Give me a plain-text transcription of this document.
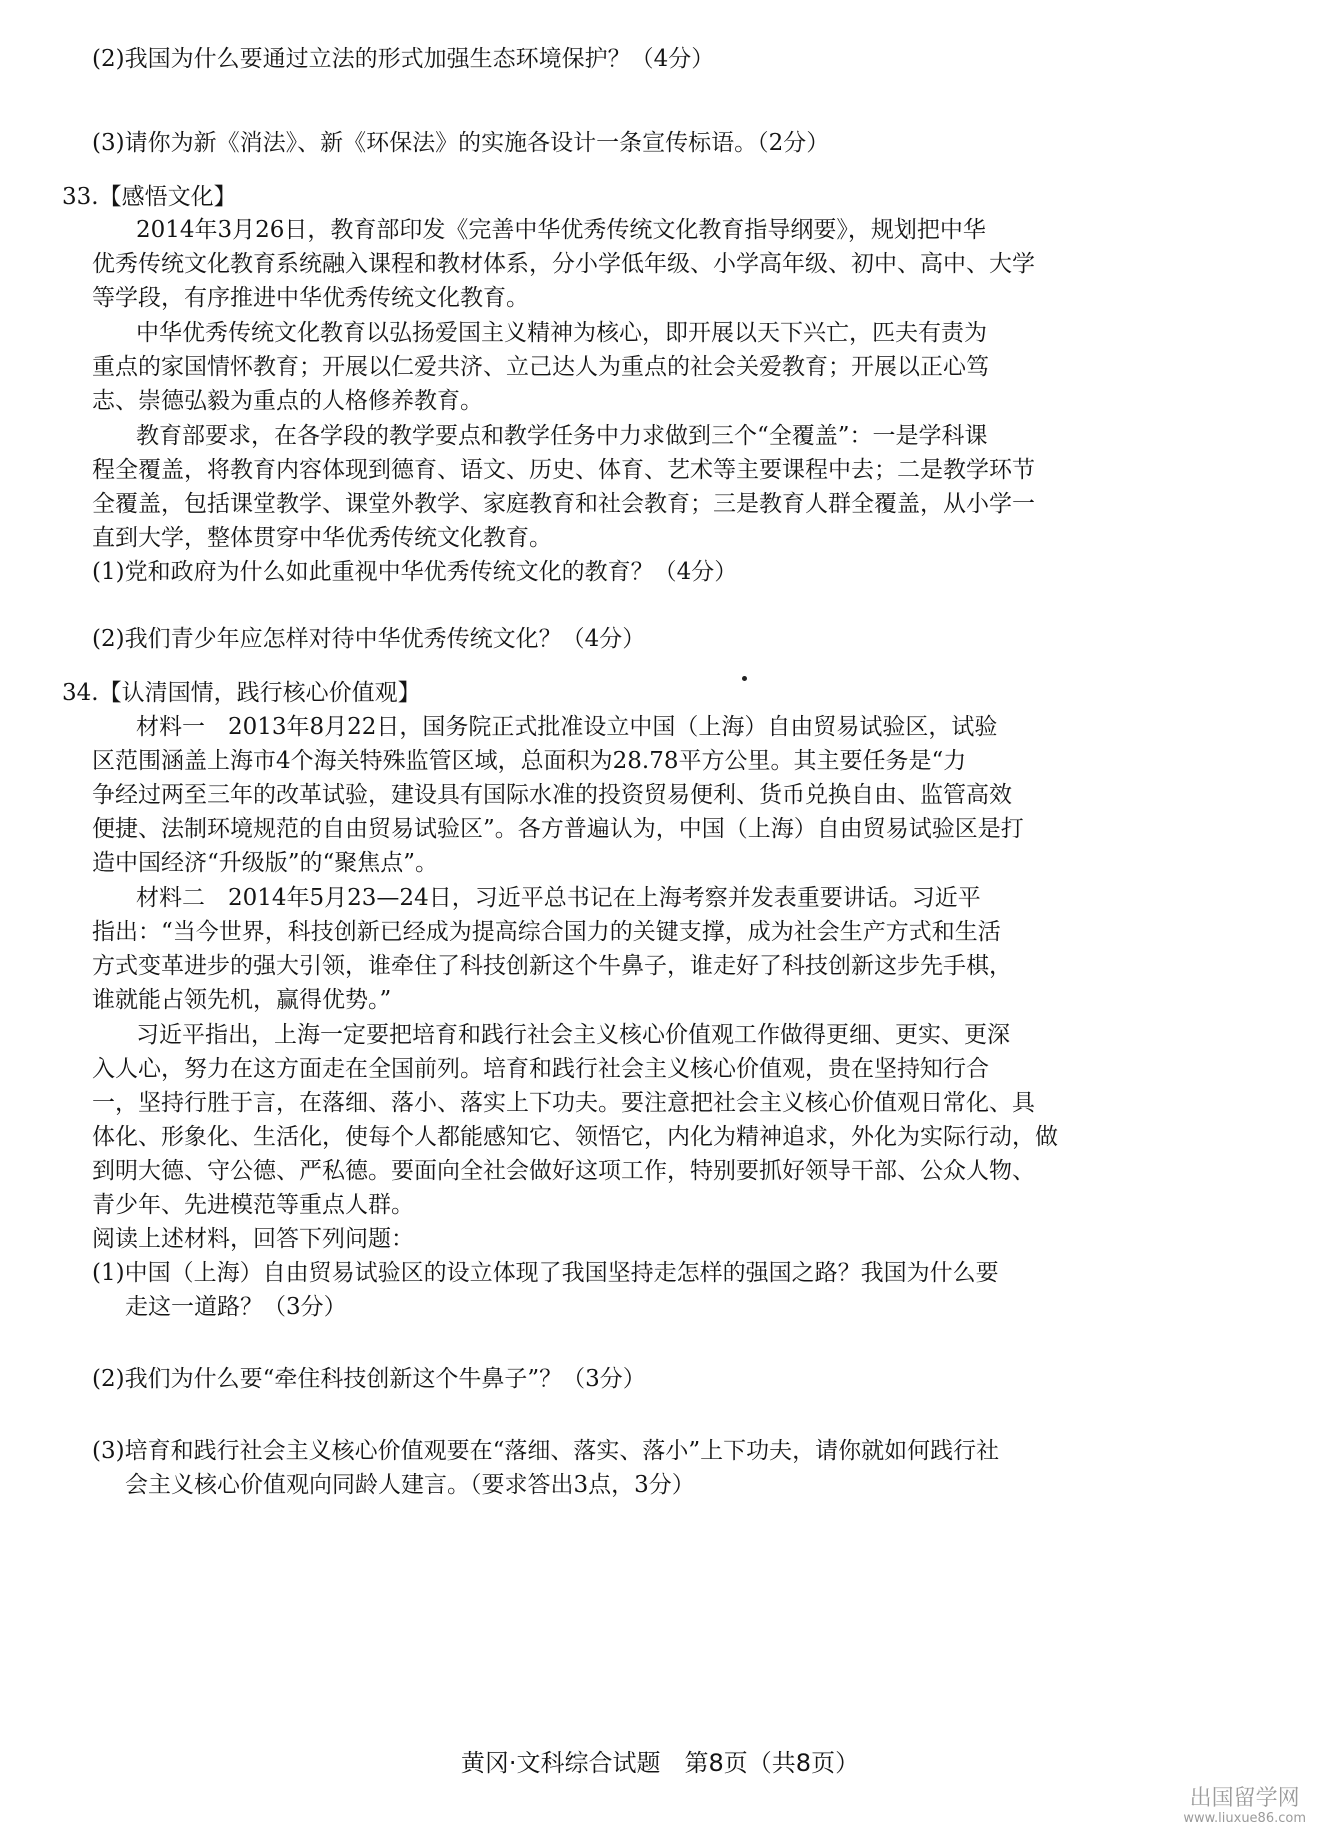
(2)我国为什么要通过立法的形式加强生态环境保护？（4分）
(3)请你为新《消法》、新《环保法》的实施各设计一条宣传标语。（2分）
33.【感悟文化】
2014年3月26日，教育部印发《完善中华优秀传统文化教育指导纲要》，规划把中华
优秀传统文化教育系统融入课程和教材体系，分小学低年级、小学高年级、初中、高中、大学
等学段，有序推进中华优秀传统文化教育。
中华优秀传统文化教育以弘扬爱国主义精神为核心，即开展以天下兴亡，匹夫有责为
重点的家国情怀教育；开展以仁爱共济、立己达人为重点的社会关爱教育；开展以正心笃
志、崇德弘毅为重点的人格修养教育。
教育部要求，在各学段的教学要点和教学任务中力求做到三个“全覆盖”：一是学科课
程全覆盖，将教育内容体现到德育、语文、历史、体育、艺术等主要课程中去；二是教学环节
全覆盖，包括课堂教学、课堂外教学、家庭教育和社会教育；三是教育人群全覆盖，从小学一
直到大学，整体贯穿中华优秀传统文化教育。
(1)党和政府为什么如此重视中华优秀传统文化的教育？（4分）
(2)我们青少年应怎样对待中华优秀传统文化？（4分）
34.【认清国情，践行核心价值观】
材料一　2013年8月22日，国务院正式批准设立中国（上海）自由贸易试验区，试验
区范围涵盖上海市4个海关特殊监管区域，总面积为28.78平方公里。其主要任务是“力
争经过两至三年的改革试验，建设具有国际水准的投资贸易便利、货币兑换自由、监管高效
便捷、法制环境规范的自由贸易试验区”。各方普遍认为，中国（上海）自由贸易试验区是打
造中国经济“升级版”的“聚焦点”。
材料二　2014年5月23—24日，习近平总书记在上海考察并发表重要讲话。习近平
指出：“当今世界，科技创新已经成为提高综合国力的关键支撑，成为社会生产方式和生活
方式变革进步的强大引领，谁牵住了科技创新这个牛鼻子，谁走好了科技创新这步先手棋，
谁就能占领先机，赢得优势。”
习近平指出，上海一定要把培育和践行社会主义核心价值观工作做得更细、更实、更深
入人心，努力在这方面走在全国前列。培育和践行社会主义核心价值观，贵在坚持知行合
一，坚持行胜于言，在落细、落小、落实上下功夫。要注意把社会主义核心价值观日常化、具
体化、形象化、生活化，使每个人都能感知它、领悟它，内化为精神追求，外化为实际行动，做
到明大德、守公德、严私德。要面向全社会做好这项工作，特别要抓好领导干部、公众人物、
青少年、先进模范等重点人群。
阅读上述材料，回答下列问题：
(1)中国（上海）自由贸易试验区的设立体现了我国坚持走怎样的强国之路？我国为什么要
走这一道路？（3分）
(2)我们为什么要“牵住科技创新这个牛鼻子”？（3分）
(3)培育和践行社会主义核心价值观要在“落细、落实、落小”上下功夫，请你就如何践行社
会主义核心价值观向同龄人建言。（要求答出3点，3分）
黄冈·文科综合试题　第8页（共8页）
出国留学网
www.liuxue86.com
